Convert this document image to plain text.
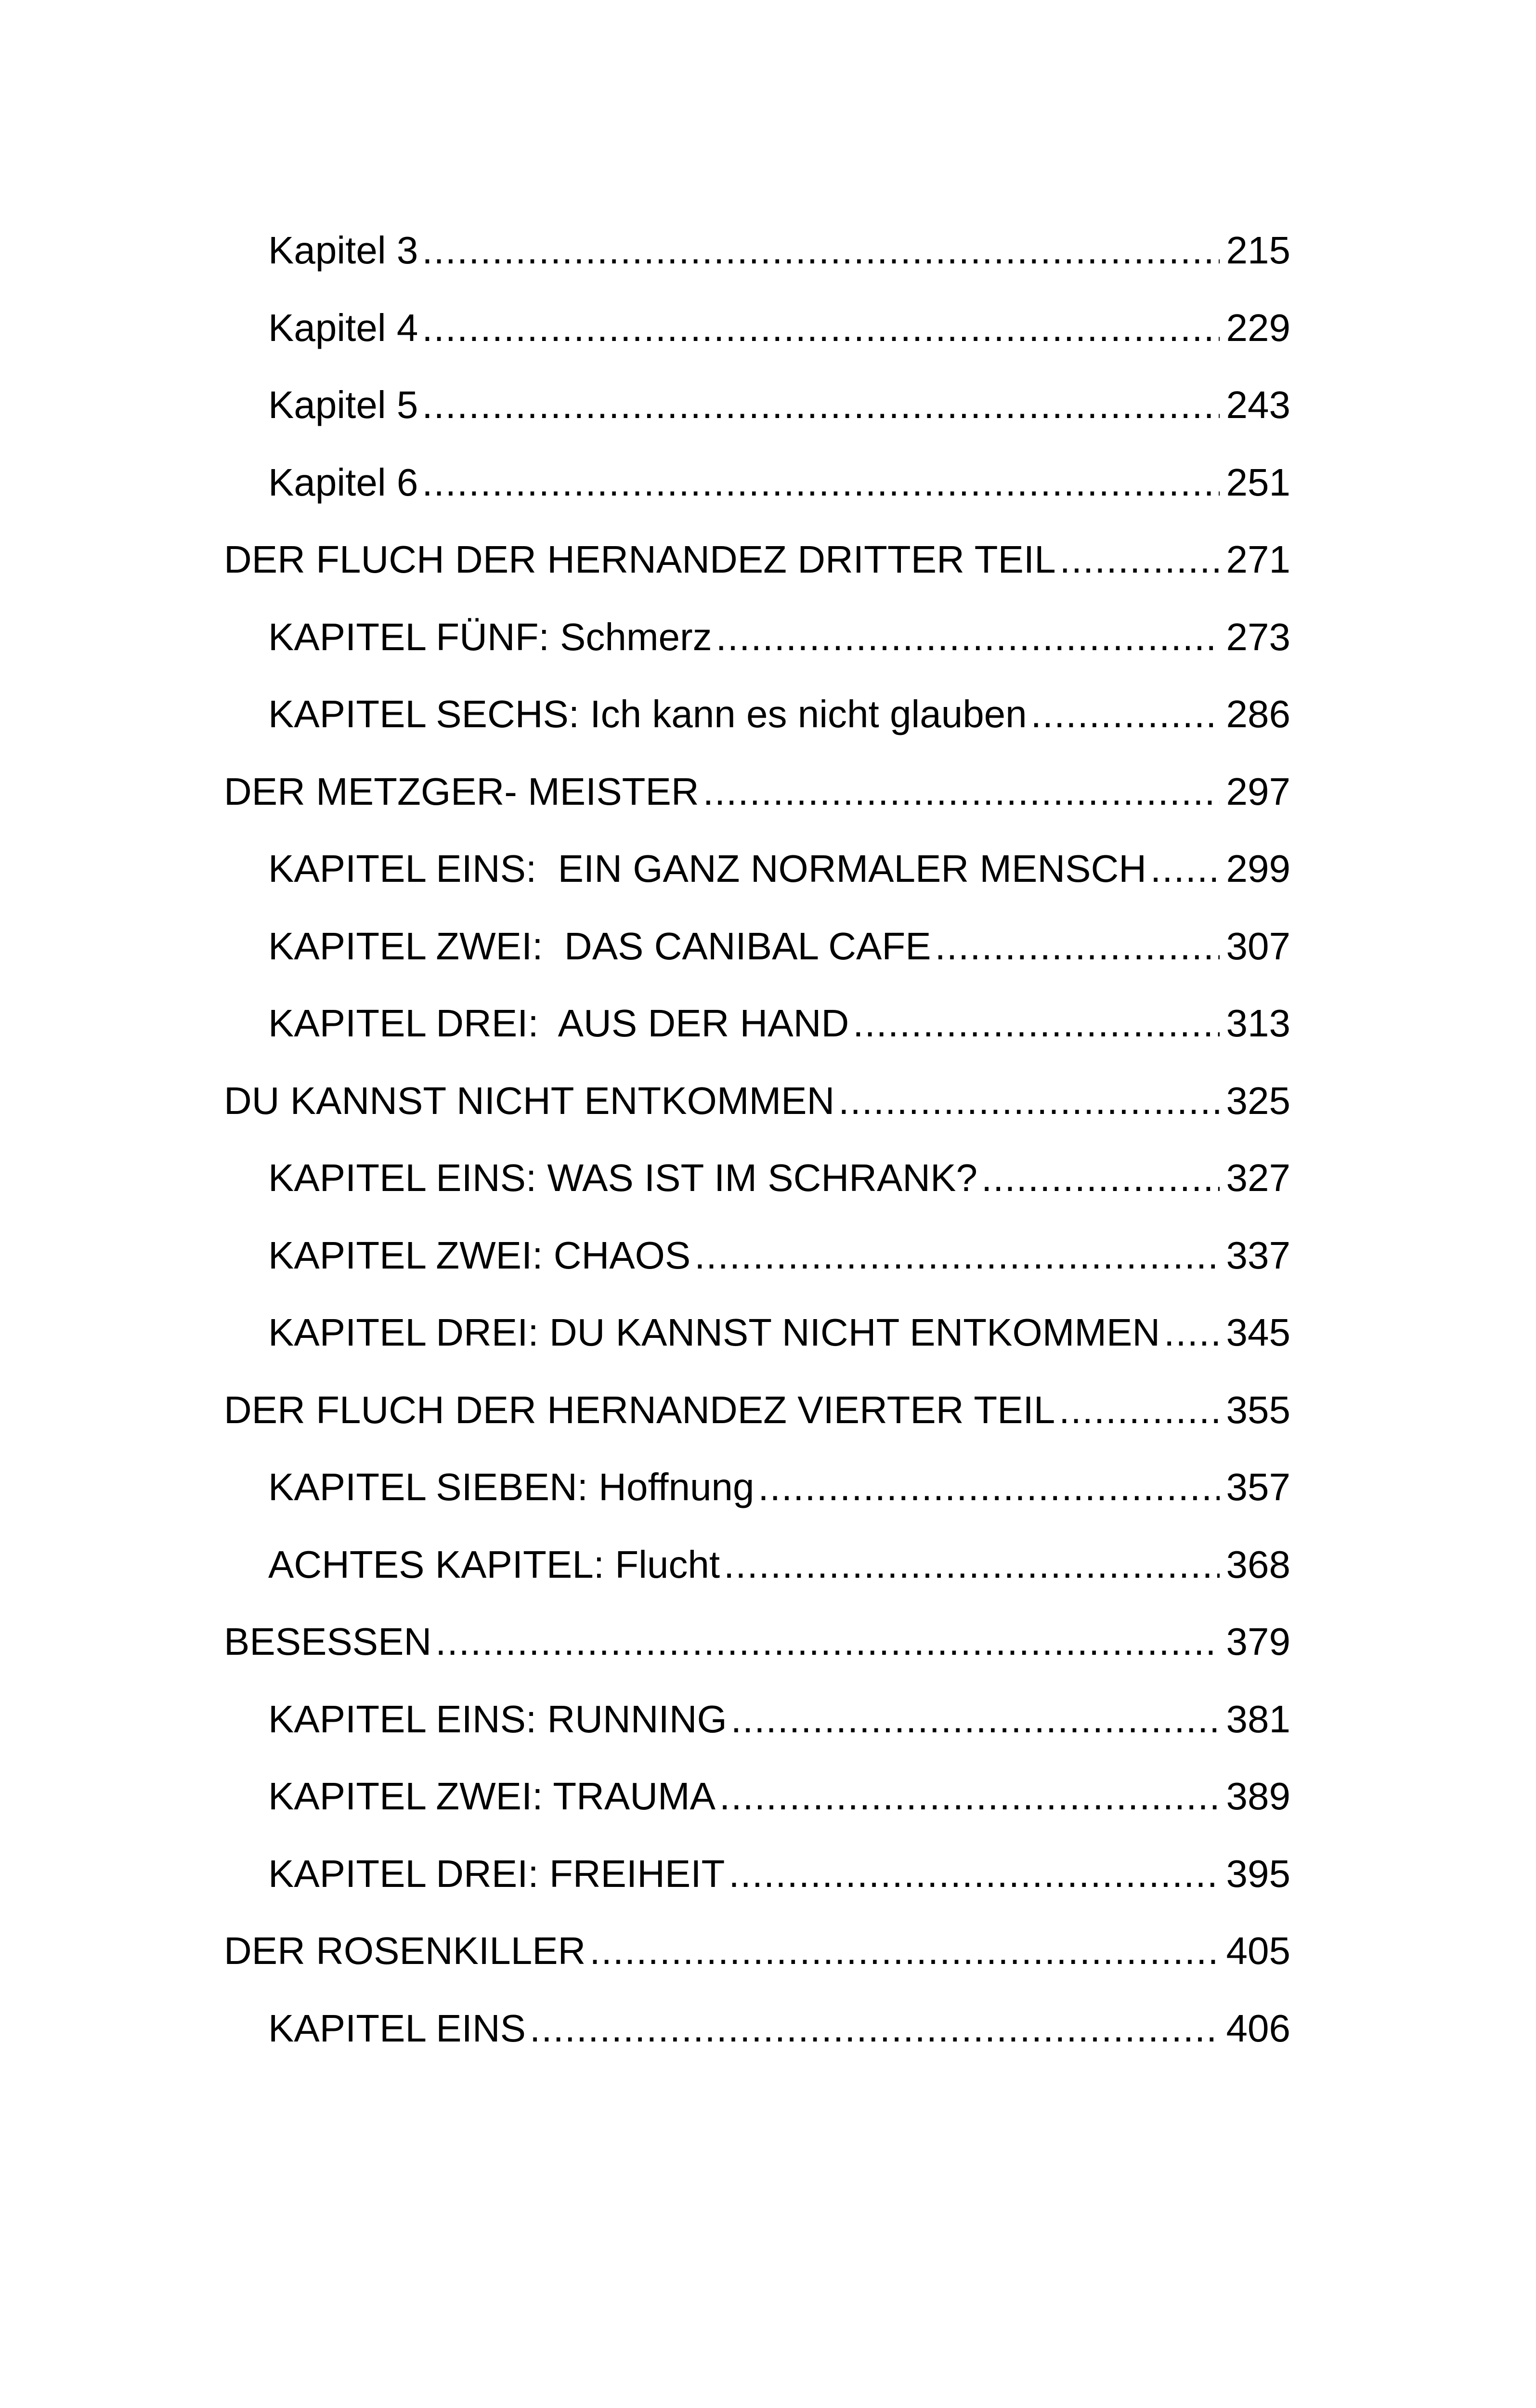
Kapitel 3 .....	215
Kapitel 4 .....	229
Kapitel 5 .....	243
Kapitel 6 .....	251
DER FLUCH DER HERNANDEZ DRITTER TEIL .....	271
KAPITEL FÜNF: Schmerz .....	273
KAPITEL SECHS: Ich kann es nicht glauben .....	286
DER METZGER- MEISTER .....	297
KAPITEL EINS:  EIN GANZ NORMALER MENSCH ..... 299
KAPITEL ZWEI:  DAS CANIBAL CAFE .....	307
KAPITEL DREI:  AUS DER HAND .....	313
DU KANNST NICHT ENTKOMMEN .....	325
KAPITEL EINS: WAS IST IM SCHRANK? .....	327
KAPITEL ZWEI: CHAOS .....	337
KAPITEL DREI: DU KANNST NICHT ENTKOMMEN ..... 345
DER FLUCH DER HERNANDEZ VIERTER TEIL .....	355
KAPITEL SIEBEN: Hoffnung .....	357
ACHTES KAPITEL: Flucht .....	368
BESESSEN .....	379
KAPITEL EINS: RUNNING .....	381
KAPITEL ZWEI: TRAUMA .....	389
KAPITEL DREI: FREIHEIT .....	395
DER ROSENKILLER .....	405
KAPITEL EINS .....	406
